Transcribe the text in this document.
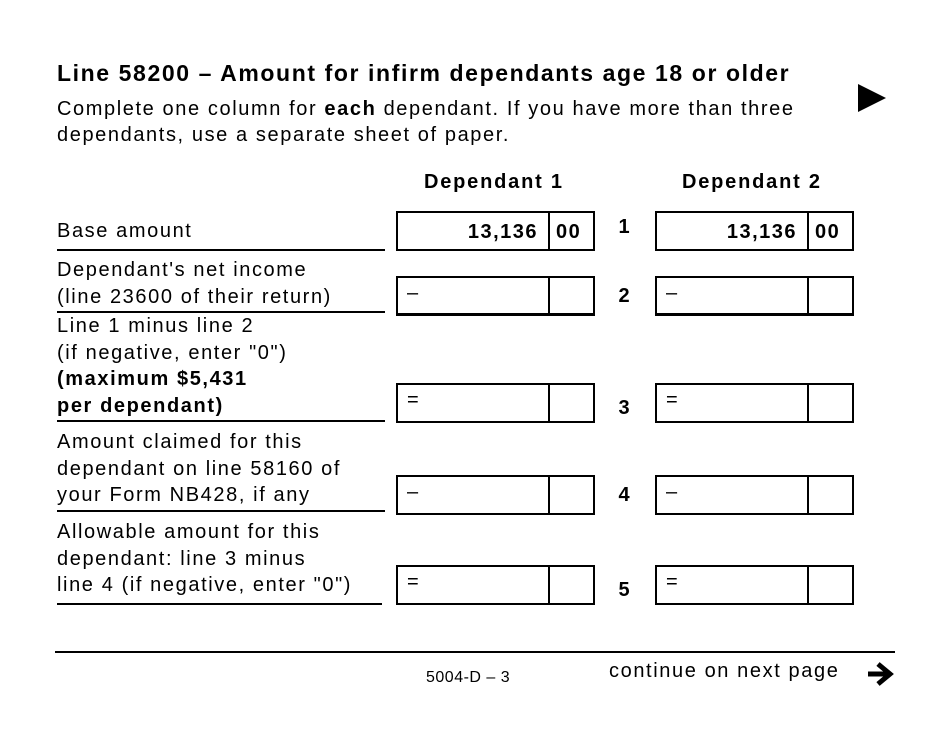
Line 58200 – Amount for infirm dependants age 18 or older
Complete one column for each dependant. If you have more than three dependants, use a separate sheet of paper.
Dependant 1	Dependant 2
Base amount	13,136 00 1	13,136 00
Dependant's net income
(line 23600 of their return)	–	2 –
Line 1 minus line 2
(if negative, enter "0")
(maximum $5,431
per dependant)	=	3 =
Amount claimed for this
dependant on line 58160 of
your Form NB428, if any	–	4 –
Allowable amount for this
dependant: line 3 minus
line 4 (if negative, enter "0")	=	5 =
5004-D – 3	continue on next page
